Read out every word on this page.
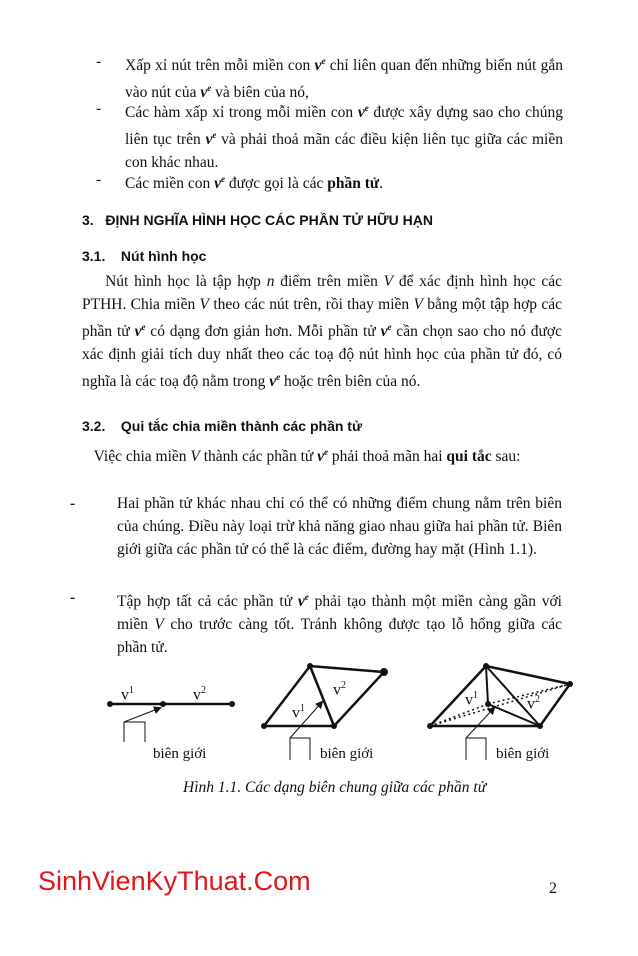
- Xấp xỉ nút trên mỗi miền con $v^e$ chỉ liên quan đến những biến nút gắn vào nút của $v^e$ và biên của nó,
- Các hàm xấp xỉ trong mỗi miền con $v^e$ được xây dựng sao cho chúng liên tục trên $v^e$ và phải thoả mãn các điều kiện liên tục giữa các miền con khác nhau.
- Các miền con $v^e$ được gọi là các phần tử.
3. ĐỊNH NGHĨA HÌNH HỌC CÁC PHẦN TỬ HỮU HẠN
3.1. Nút hình học
Nút hình học là tập hợp n điểm trên miền V để xác định hình học các PTHH. Chia miền V theo các nút trên, rồi thay miền V bằng một tập hợp các phần tử $v^e$ có dạng đơn giản hơn. Mỗi phần tử $v^e$ cần chọn sao cho nó được xác định giải tích duy nhất theo các toạ độ nút hình học của phần tử đó, có nghĩa là các toạ độ nằm trong $v^e$ hoặc trên biên của nó.
3.2. Qui tắc chia miền thành các phần tử
Việc chia miền V thành các phần tử $v^e$ phải thoả mãn hai qui tắc sau:
-	Hai phần tử khác nhau chỉ có thể có những điểm chung nằm trên biên của chúng. Điều này loại trừ khả năng giao nhau giữa hai phần tử. Biên giới giữa các phần tử có thể là các điểm, đường hay mặt (Hình 1.1).
-	Tập hợp tất cả các phần tử $v^e$ phải tạo thành một miền càng gần với miền V cho trước càng tốt. Tránh không được tạo lỗ hổng giữa các phần tử.
$v^1$	$v^2$
$v^1$
$v^2$
$v^1$	$v^2$
biên giới	biên giới	biên giới
Hình 1.1. Các dạng biên chung giữa các phần tử
SinhVienKyThuat.Com	2
